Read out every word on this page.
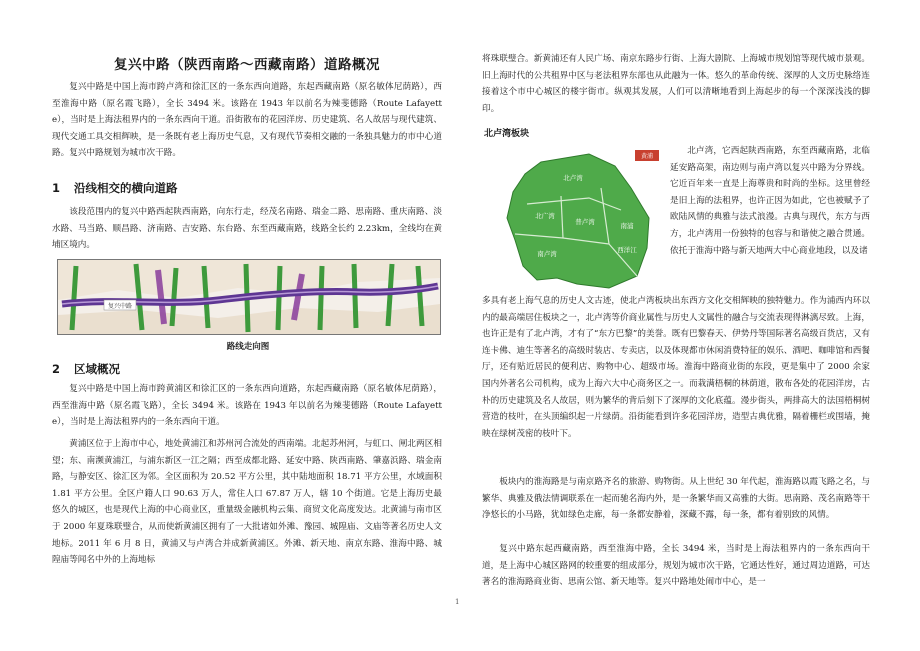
复兴中路（陕西南路～西藏南路）道路概况

复兴中路是中国上海市跨卢湾和徐汇区的一条东西向道路，东起西藏南路（原名敏体尼荫路），西至淮海中路（原名霞飞路），全长 3494 米。该路在 1943 年以前名为辣斐德路（Route Lafayette），当时是上海法租界内的一条东西向干道。沿街散布的花园洋房、历史建筑、名人故居与现代建筑、现代交通工具交相辉映，是一条既有老上海历史气息，又有现代节奏相交融的一条独具魅力的市中心道路。复兴中路规划为城市次干路。

1 沿线相交的横向道路

该段范围内的复兴中路西起陕西南路，向东行走，经茂名南路、瑞金二路、思南路、重庆南路、淡水路、马当路、顺昌路、济南路、吉安路、东台路、东至西藏南路，线路全长约 2.23km，全线均在黄埔区境内。

复兴中路
路线走向图
2 区域概况

复兴中路是中国上海市跨黄浦区和徐汇区的一条东西向道路，东起西藏南路（原名敏体尼荫路），西至淮海中路（原名霞飞路），全长 3494 米。该路在 1943 年以前名为辣斐德路（Route Lafayette），当时是上海法租界内的一条东西向干道。

黄浦区位于上海市中心，地处黄浦江和苏州河合流处的西南端。北起苏州河，与虹口、闸北两区相望；东、南濒黄浦江，与浦东新区一江之隔；西至成都北路、延安中路、陕西南路、肇嘉浜路、瑞金南路，与静安区、徐汇区为邻。全区面积为 20.52 平方公里，其中陆地面积 18.71 平方公里，水域面积 1.81 平方公里。全区户籍人口 90.63 万人，常住人口 67.87 万人，辖 10 个街道。它是上海历史最悠久的城区，也是现代上海的中心商业区，重量级金融机构云集、商贸文化高度发达。北黄浦与南市区于 2000 年夏珠联璧合，从而使新黄浦区拥有了一大批诸如外滩、豫园、城隍庙、文庙等著名历史人文地标。2011 年 6 月 8 日，黄浦又与卢湾合并成新黄浦区。外滩、新天地、南京东路、淮海中路、城隍庙等闻名中外的上海地标

将珠联璧合。新黄浦还有人民广场、南京东路步行街、上海大剧院、上海城市规划馆等现代城市景观。旧上海时代的公共租界中区与老法租界东部也从此融为一体。悠久的革命传统、深厚的人文历史脉络连接着这个市中心城区的楼宇街市。纵观其发展，人们可以清晰地看到上海起步的每一个深深浅浅的脚印。

北卢湾板块
黄浦
北卢湾
北广湾
南卢湾
普卢湾	南浦
西洋江

北卢湾，它西起陕西南路，东至西藏南路，北临延安路高架，南边则与南卢湾以复兴中路为分界线。它近百年来一直是上海尊贵和时尚的坐标。这里曾经是旧上海的法租界，也许正因为如此，它也被赋予了欧陆风情的典雅与法式浪漫。古典与现代，东方与西方，北卢湾用一份独特的包容与和谐使之融合贯通。依托于淮海中路与新天地两大中心商业地段，以及诸

多具有老上海气息的历史人文古迹，使北卢湾板块出东西方文化交相辉映的独特魅力。作为浦西内环以内的最高端居住板块之一，北卢湾等价商业属性与历史人文属性的融合与交流表现得淋漓尽致。上海，也许正是有了北卢湾，才有了“东方巴黎”的美誉。既有巴黎春天、伊势丹等国际著名高级百货店，又有连卡佛、迪生等著名的高级时装店、专卖店，以及体现都市休闲消费特征的娱乐、酒吧、咖啡馆和西餐厅，还有贴近居民的便利店、购物中心、超级市场。淮海中路商业街的东段，更是集中了 2000 余家国内外著名公司机构，成为上海六大中心商务区之一。而栽满梧桐的林荫道，散布各处的花园洋房，古朴的历史建筑及名人故居，则为繁华的背后刻下了深厚的文化底蕴。漫步街头，两排高大的法国梧桐树营造的枝叶，在头顶编织起一片绿荫。沿街能看到许多花园洋房，造型古典优雅，隔着栅栏或围墙，掩映在绿树茂密的枝叶下。

板块内的淮海路是与南京路齐名的旅游、购物街。从上世纪 30 年代起，淮海路以霞飞路之名，与繁华、典雅及俄法情调联系在一起而驰名海内外，是一条繁华而又高雅的大街。思南路、茂名南路等干净悠长的小马路，犹如绿色走廊，每一条都安静着，深藏不露，每一条，都有着别致的风情。

复兴中路东起西藏南路，西至淮海中路，全长 3494 米，当时是上海法租界内的一条东西向干道，是上海中心城区路网的较重要的组成部分，规划为城市次干路，它通达性好，通过周边道路，可达著名的淮海路商业街、思南公馆、新天地等。复兴中路地处闹市中心，是一

1
